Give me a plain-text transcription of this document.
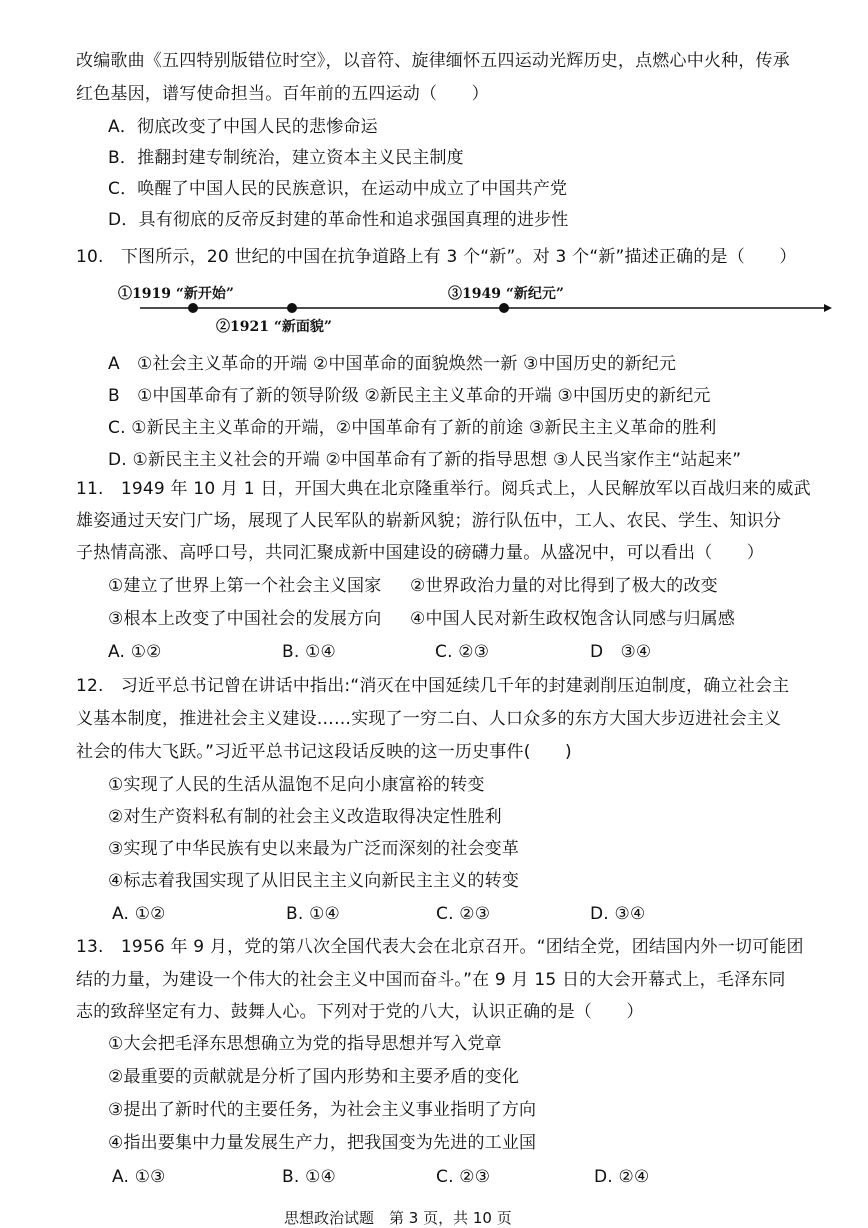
改编歌曲《五四特别版错位时空》，以音符、旋律缅怀五四运动光辉历史，点燃心中火种，传承
红色基因，谱写使命担当。百年前的五四运动（　　）
A．彻底改变了中国人民的悲惨命运
B．推翻封建专制统治，建立资本主义民主制度
C．唤醒了中国人民的民族意识，在运动中成立了中国共产党
D．具有彻底的反帝反封建的革命性和追求强国真理的进步性
10.　下图所示，20 世纪的中国在抗争道路上有 3 个“新”。对 3 个“新”描述正确的是（　　）
①1919 “新开始”
②1921 “新面貌”
③1949 “新纪元”
A　①社会主义革命的开端 ②中国革命的面貌焕然一新 ③中国历史的新纪元
B　①中国革命有了新的领导阶级 ②新民主主义革命的开端 ③中国历史的新纪元
C. ①新民主主义革命的开端，②中国革命有了新的前途 ③新民主主义革命的胜利
D. ①新民主主义社会的开端 ②中国革命有了新的指导思想 ③人民当家作主“站起来”
11.　1949 年 10 月 1 日，开国大典在北京隆重举行。阅兵式上，人民解放军以百战归来的威武
雄姿通过天安门广场，展现了人民军队的崭新风貌；游行队伍中，工人、农民、学生、知识分
子热情高涨、高呼口号，共同汇聚成新中国建设的磅礴力量。从盛况中，可以看出（　　）
①建立了世界上第一个社会主义国家 ②世界政治力量的对比得到了极大的改变
③根本上改变了中国社会的发展方向 ④中国人民对新生政权饱含认同感与归属感
A. ①②	B. ①④	C. ②③	D　③④
12.　习近平总书记曾在讲话中指出:“消灭在中国延续几千年的封建剥削压迫制度，确立社会主
义基本制度，推进社会主义建设……实现了一穷二白、人口众多的东方大国大步迈进社会主义
社会的伟大飞跃。”习近平总书记这段话反映的这一历史事件(　　)
①实现了人民的生活从温饱不足向小康富裕的转变
②对生产资料私有制的社会主义改造取得决定性胜利
③实现了中华民族有史以来最为广泛而深刻的社会变革
④标志着我国实现了从旧民主主义向新民主主义的转变
A. ①②	B. ①④	C. ②③	D. ③④
13.　1956 年 9 月，党的第八次全国代表大会在北京召开。“团结全党，团结国内外一切可能团
结的力量，为建设一个伟大的社会主义中国而奋斗。”在 9 月 15 日的大会开幕式上，毛泽东同
志的致辞坚定有力、鼓舞人心。下列对于党的八大，认识正确的是（　　）
①大会把毛泽东思想确立为党的指导思想并写入党章
②最重要的贡献就是分析了国内形势和主要矛盾的变化
③提出了新时代的主要任务，为社会主义事业指明了方向
④指出要集中力量发展生产力，把我国变为先进的工业国
A. ①③	B. ①④	C. ②③	D. ②④
思想政治试题　第 3 页，共 10 页
